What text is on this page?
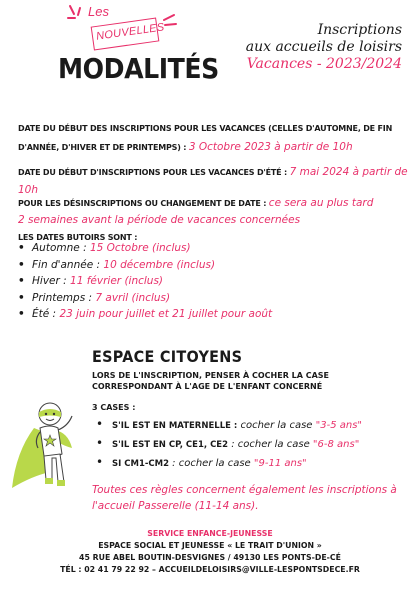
Les
NOUVELLES
MODALITÉS
Inscriptions
aux accueils de loisirs
Vacances - 2023/2024
DATE DU DÉBUT DES INSCRIPTIONS POUR LES VACANCES (CELLES D'AUTOMNE, DE FIN D'ANNÉE, D'HIVER ET DE PRINTEMPS) : 3 Octobre 2023 à partir de 10h
DATE DU DÉBUT D'INSCRIPTIONS POUR LES VACANCES D'ÉTÉ : 7 mai 2024 à partir de 10h
POUR LES DÉSINSCRIPTIONS OU CHANGEMENT DE DATE : ce sera au plus tard
2 semaines avant la période de vacances concernées
LES DATES BUTOIRS SONT :
• Automne : 15 Octobre (inclus)
• Fin d'année : 10 décembre (inclus)
• Hiver : 11 février (inclus)
• Printemps : 7 avril (inclus)
• Été : 23 juin pour juillet et 21 juillet pour août
ESPACE CITOYENS
LORS DE L'INSCRIPTION, PENSER À COCHER LA CASE CORRESPONDANT À L'AGE DE L'ENFANT CONCERNÉ
3 CASES :
• S'IL EST EN MATERNELLE : cocher la case "3-5 ans"
• S'IL EST EN CP, CE1, CE2 : cocher la case "6-8 ans"
• SI CM1-CM2 : cocher la case "9-11 ans"
Toutes ces règles concernent également les inscriptions à l'accueil Passerelle (11-14 ans).
SERVICE ENFANCE-JEUNESSE
ESPACE SOCIAL ET JEUNESSE « LE TRAIT D'UNION »
45 RUE ABEL BOUTIN-DESVIGNES / 49130 LES PONTS-DE-CÉ
TÉL : 02 41 79 22 92 – ACCUEILDELOISIRS@VILLE-LESPONTSDECE.FR
